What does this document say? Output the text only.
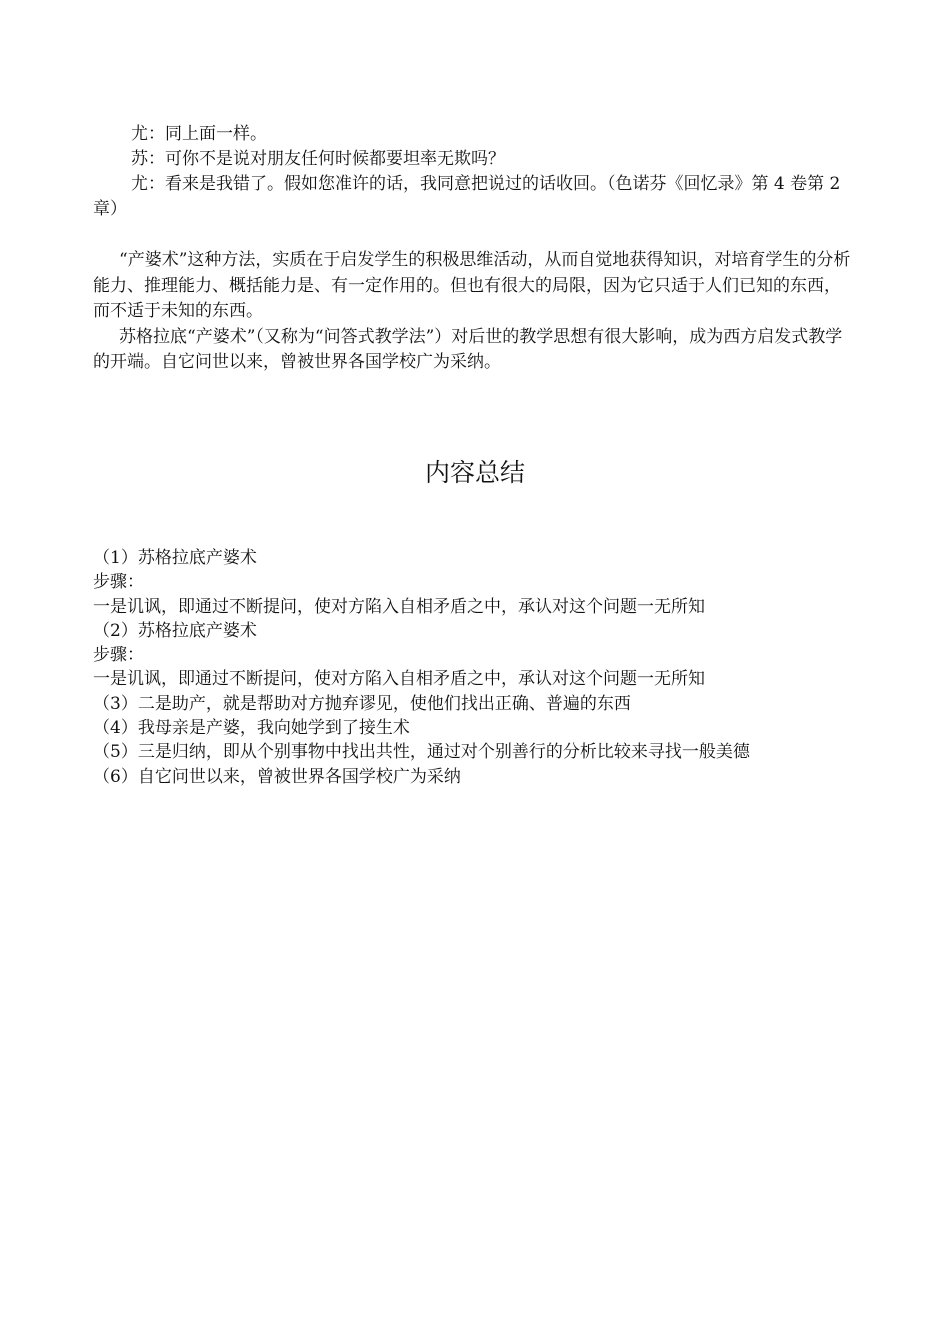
尤：同上面一样。

苏：可你不是说对朋友任何时候都要坦率无欺吗？

尤：看来是我错了。假如您准许的话，我同意把说过的话收回。（色诺芬《回忆录》第 4 卷第 2 章）

“产婆术”这种方法，实质在于启发学生的积极思维活动，从而自觉地获得知识，对培育学生的分析能力、推理能力、概括能力是、有一定作用的。但也有很大的局限，因为它只适于人们已知的东西，而不适于未知的东西。

苏格拉底“产婆术”（又称为“问答式教学法”）对后世的教学思想有很大影响，成为西方启发式教学的开端。自它问世以来，曾被世界各国学校广为采纳。

内容总结
（1）苏格拉底产婆术
步骤：
一是讥讽，即通过不断提问，使对方陷入自相矛盾之中，承认对这个问题一无所知
（2）苏格拉底产婆术
步骤：
一是讥讽，即通过不断提问，使对方陷入自相矛盾之中，承认对这个问题一无所知
（3）二是助产，就是帮助对方抛弃谬见，使他们找出正确、普遍的东西
（4）我母亲是产婆，我向她学到了接生术
（5）三是归纳，即从个别事物中找出共性，通过对个别善行的分析比较来寻找一般美德
（6）自它问世以来，曾被世界各国学校广为采纳
